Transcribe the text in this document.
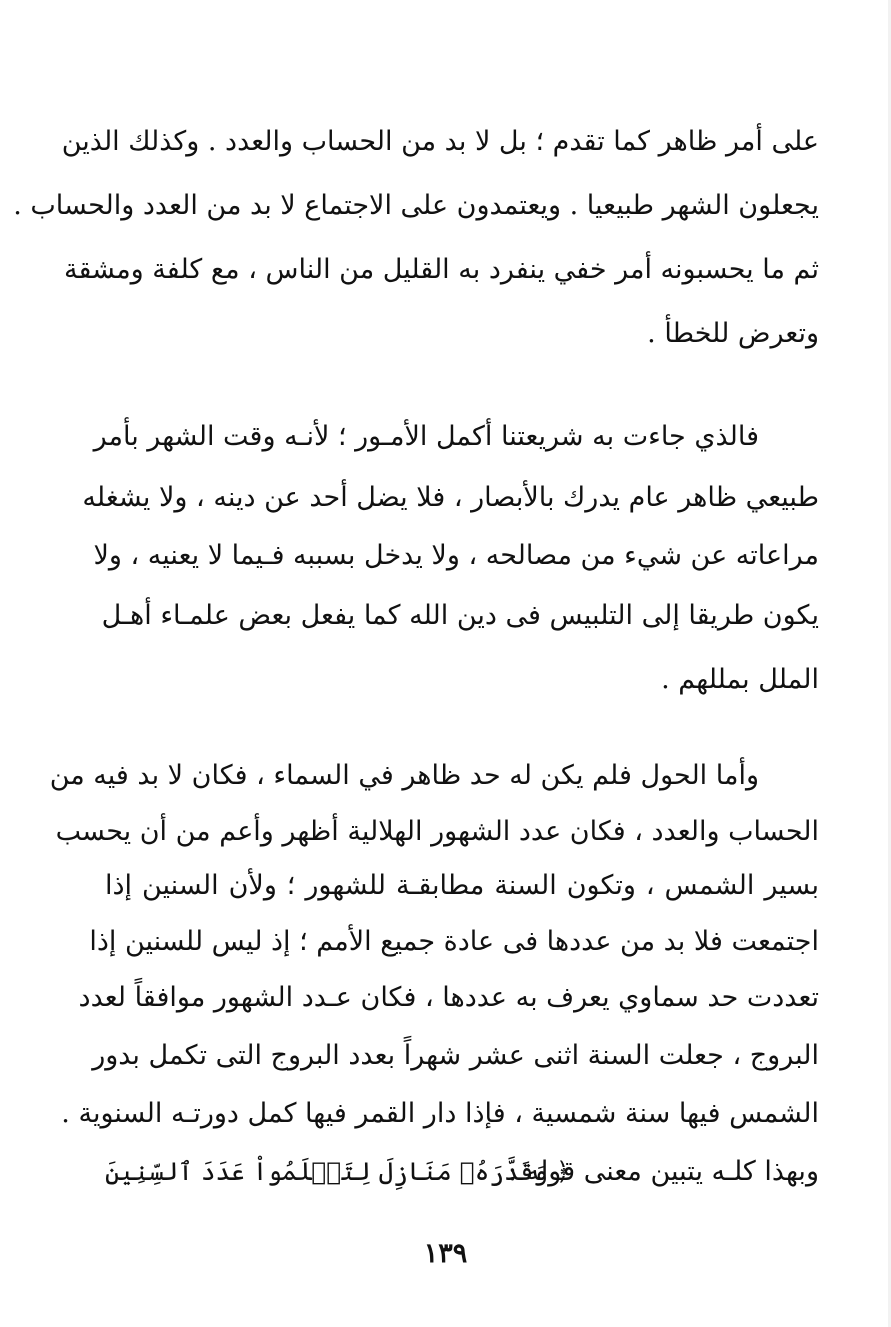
على أمر ظاهر كما تقدم ؛ بل لا بد من الحساب والعدد . وكذلك الذين
يجعلون الشهر طبيعيا . ويعتمدون على الاجتماع لا بد من العدد والحساب .
ثم ما يحسبونه أمر خفي ينفرد به القليل من الناس ، مع كلفة ومشقة
وتعرض للخطأ .
فالذي جاءت به شريعتنا أكمل الأمـور ؛ لأنـه وقت الشهر بأمر
طبيعي ظاهر عام يدرك بالأبصار ، فلا يضل أحد عن دينه ، ولا يشغله
مراعاته عن شيء من مصالحه ، ولا يدخل بسببه فـيما لا يعنيه ، ولا
يكون طريقا إلى التلبيس فى دين الله كما يفعل بعض علمـاء أهـل
الملل بمللهم .
وأما الحول فلم يكن له حد ظاهر في السماء ، فكان لا بد فيه من
الحساب والعدد ، فكان عدد الشهور الهلالية أظهر وأعم من أن يحسب
بسير الشمس ، وتكون السنة مطابقـة للشهور ؛ ولأن السنين إذا
اجتمعت فلا بد من عددها فى عادة جميع الأمم ؛ إذ ليس للسنين إذا
تعددت حد سماوي يعرف به عددها ، فكان عـدد الشهور موافقاً لعدد
البروج ، جعلت السنة اثنى عشر شهراً بعدد البروج التى تكمل بدور
الشمس فيها سنة شمسية ، فإذا دار القمر فيها كمل دورتـه السنوية .
وبهذا كلـه يتبين معنى قوله :
﴿ وَقَدَّرَهُۥ مَنَازِلَ لِتَعۡلَمُواْ عَدَدَ ٱلسِّنِينَ
١٣٩
